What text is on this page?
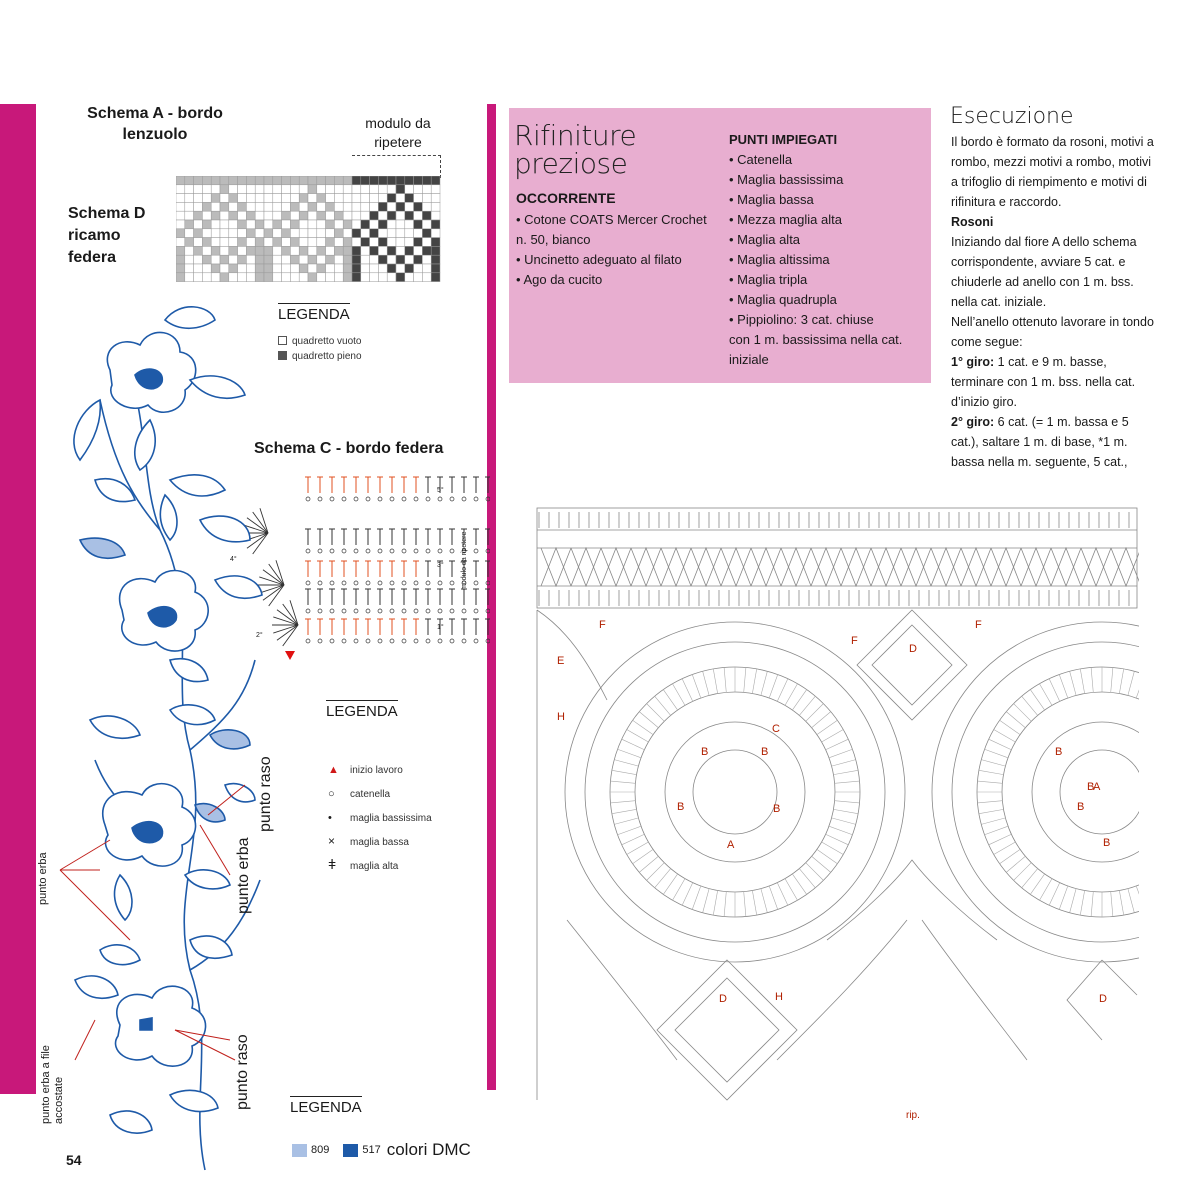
Schema A - bordo lenzuolo
modulo da ripetere
Schema D ricamo federa
LEGENDA
quadretto vuoto
quadretto pieno
Schema C - bordo federa
5°
4°
3°
2°
1°
modulo da ripetere
LEGENDA
▲ inizio lavoro
○ catenella
• maglia bassissima
× maglia bassa
ǂ maglia alta
punto raso
punto erba
punto erba
punto erba a file accostate	punto raso	LEGENDA
809	517 colori DMC
54
Rifiniture
preziose
OCCORRENTE
• Cotone COATS Mercer Crochet
n. 50, bianco
• Uncinetto adeguato al filato
• Ago da cucito
PUNTI IMPIEGATI
• Catenella
• Maglia bassissima
• Maglia bassa
• Mezza maglia alta
• Maglia alta
• Maglia altissima
• Maglia tripla
• Maglia quadrupla
• Pippiolino: 3 cat. chiuse
con 1 m. bassissima nella cat.
iniziale
Esecuzione
Il bordo è formato da rosoni, motivi a
rombo, mezzi motivi a rombo, motivi
a trifoglio di riempimento e motivi di
rifinitura e raccordo.
Rosoni
Iniziando dal fiore A dello schema
corrispondente, avviare 5 cat. e
chiuderle ad anello con 1 m. bss.
nella cat. iniziale.
Nell’anello ottenuto lavorare in tondo
come segue:
1° giro: 1 cat. e 9 m. basse,
terminare con 1 m. bss. nella cat.
d’inizio giro.
2° giro: 6 cat. (= 1 m. bassa e 5
cat.), saltare 1 m. di base, *1 m.
bassa nella m. seguente, 5 cat.,
F
F
F
E
H
D
C
B	B
B	B
A
B
B
B
A
B
D	H	D
rip.
